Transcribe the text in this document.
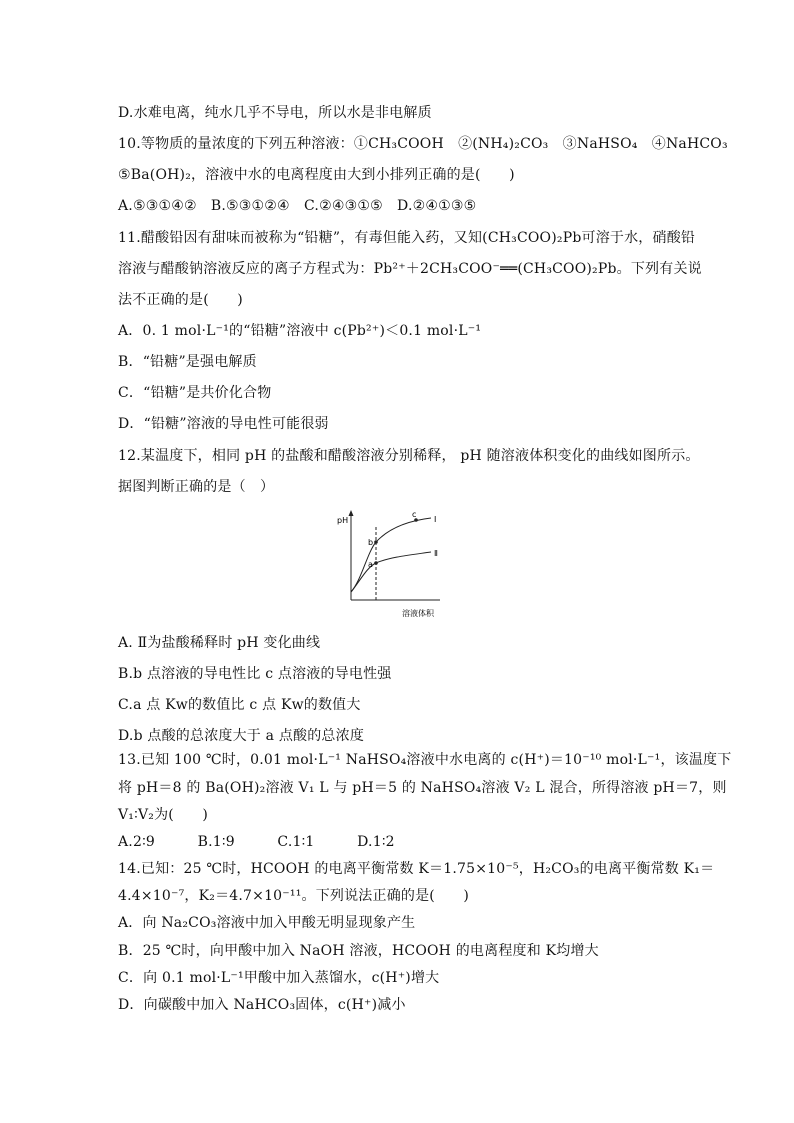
D.水难电离，纯水几乎不导电，所以水是非电解质
10.等物质的量浓度的下列五种溶液：①CH₃COOH　②(NH₄)₂CO₃　③NaHSO₄　④NaHCO₃
⑤Ba(OH)₂，溶液中水的电离程度由大到小排列正确的是(　　)
A.⑤③①④②　B.⑤③①②④　C.②④③①⑤　D.②④①③⑤
11.醋酸铅因有甜味而被称为“铅糖”，有毒但能入药，又知(CH₃COO)₂Pb可溶于水，硝酸铅
溶液与醋酸钠溶液反应的离子方程式为：Pb²⁺＋2CH₃COO⁻══(CH₃COO)₂Pb。下列有关说
法不正确的是(　　)
A．0. 1 mol·L⁻¹的“铅糖”溶液中 c(Pb²⁺)＜0.1 mol·L⁻¹
B．“铅糖”是强电解质
C．“铅糖”是共价化合物
D．“铅糖”溶液的导电性可能很弱
12.某温度下，相同 pH 的盐酸和醋酸溶液分别稀释， pH 随溶液体积变化的曲线如图所示。
据图判断正确的是（　）
pH
溶液体积
Ⅰ
Ⅱ
a
b
c
A. Ⅱ为盐酸稀释时 pH 变化曲线
B.b 点溶液的导电性比 c 点溶液的导电性强
C.a 点 Kw的数值比 c 点 Kw的数值大
D.b 点酸的总浓度大于 a 点酸的总浓度
13.已知 100 ℃时，0.01 mol·L⁻¹ NaHSO₄溶液中水电离的 c(H⁺)＝10⁻¹⁰ mol·L⁻¹，该温度下
将 pH＝8 的 Ba(OH)₂溶液 V₁ L 与 pH＝5 的 NaHSO₄溶液 V₂ L 混合，所得溶液 pH＝7，则
V₁∶V₂为(　　)
A.2∶9　　　B.1∶9　　　C.1∶1　　　D.1∶2
14.已知：25 ℃时，HCOOH 的电离平衡常数 K＝1.75×10⁻⁵，H₂CO₃的电离平衡常数 K₁＝
4.4×10⁻⁷，K₂＝4.7×10⁻¹¹。下列说法正确的是(　　)
A．向 Na₂CO₃溶液中加入甲酸无明显现象产生
B．25 ℃时，向甲酸中加入 NaOH 溶液，HCOOH 的电离程度和 K均增大
C．向 0.1 mol·L⁻¹甲酸中加入蒸馏水，c(H⁺)增大
D．向碳酸中加入 NaHCO₃固体，c(H⁺)减小
